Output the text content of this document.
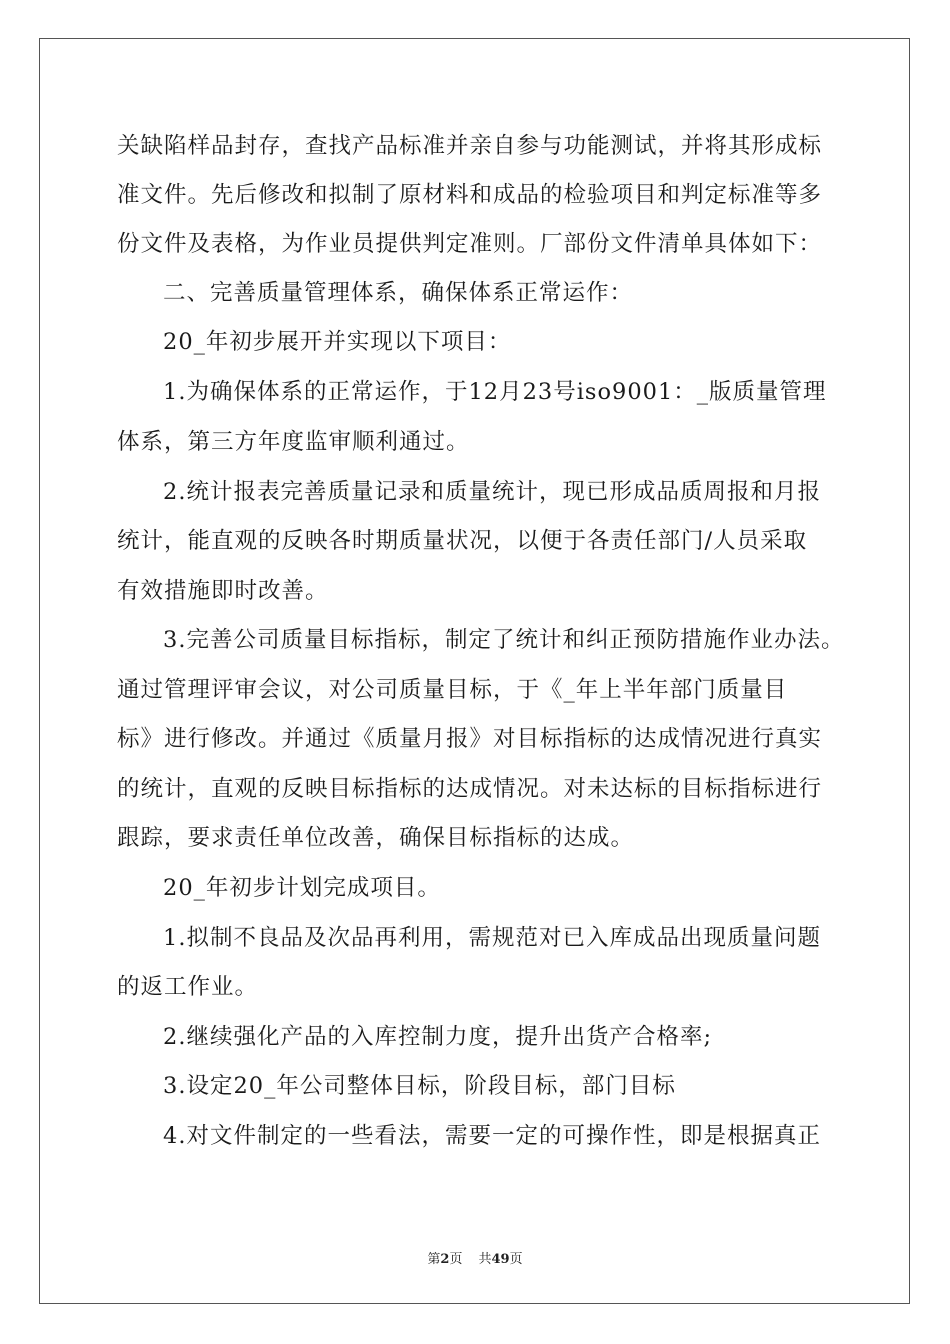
关缺陷样品封存，查找产品标准并亲自参与功能测试，并将其形成标
准文件。先后修改和拟制了原材料和成品的检验项目和判定标准等多
份文件及表格，为作业员提供判定准则。厂部份文件清单具体如下：
二、完善质量管理体系，确保体系正常运作：
20_年初步展开并实现以下项目：
1.为确保体系的正常运作，于12月23号iso9001：_版质量管理
体系，第三方年度监审顺利通过。
2.统计报表完善质量记录和质量统计，现已形成品质周报和月报
统计，能直观的反映各时期质量状况，以便于各责任部门/人员采取
有效措施即时改善。
3.完善公司质量目标指标，制定了统计和纠正预防措施作业办法。
通过管理评审会议，对公司质量目标，于《_年上半年部门质量目
标》进行修改。并通过《质量月报》对目标指标的达成情况进行真实
的统计，直观的反映目标指标的达成情况。对未达标的目标指标进行
跟踪，要求责任单位改善，确保目标指标的达成。
20_年初步计划完成项目。
1.拟制不良品及次品再利用，需规范对已入库成品出现质量问题
的返工作业。
2.继续强化产品的入库控制力度，提升出货产合格率;
3.设定20_年公司整体目标，阶段目标，部门目标
4.对文件制定的一些看法，需要一定的可操作性，即是根据真正
第2页 共49页
